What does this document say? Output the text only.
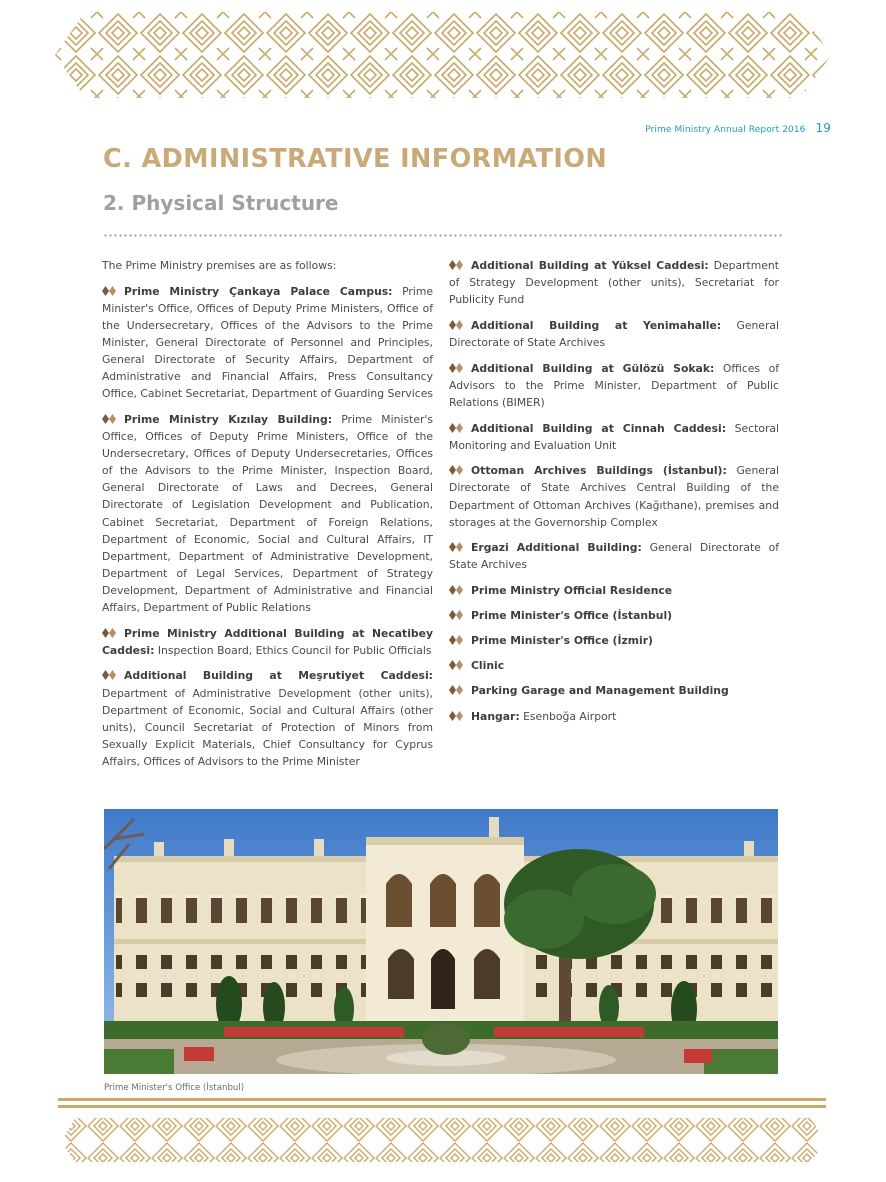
Prime Ministry Annual Report 2016 19
C. ADMINISTRATIVE INFORMATION
2. Physical Structure

The Prime Ministry premises are as follows:

Prime Ministry Çankaya Palace Campus: Prime Minister's Office, Offices of Deputy Prime Ministers, Office of the Undersecretary, Offices of the Advisors to the Prime Minister, General Directorate of Personnel and Principles, General Directorate of Security Affairs, Department of Administrative and Financial Affairs, Press Consultancy Office, Cabinet Secretariat, Department of Guarding Services

Prime Ministry Kızılay Building: Prime Minister's Office, Offices of Deputy Prime Ministers, Office of the Undersecretary, Offices of Deputy Undersecretaries, Offices of the Advisors to the Prime Minister, Inspection Board, General Directorate of Laws and Decrees, General Directorate of Legislation Development and Publication, Cabinet Secretariat, Department of Foreign Relations, Department of Economic, Social and Cultural Affairs, IT Department, Department of Administrative Development, Department of Legal Services, Department of Strategy Development, Department of Administrative and Financial Affairs, Department of Public Relations

Prime Ministry Additional Building at Necatibey Caddesi: Inspection Board, Ethics Council for Public Officials

Additional Building at Meşrutiyet Caddesi: Department of Administrative Development (other units), Department of Economic, Social and Cultural Affairs (other units), Council Secretariat of Protection of Minors from Sexually Explicit Materials, Chief Consultancy for Cyprus Affairs, Offices of Advisors to the Prime Minister

Additional Building at Yüksel Caddesi: Department of Strategy Development (other units), Secretariat for Publicity Fund

Additional Building at Yenimahalle: General Directorate of State Archives

Additional Building at Gülözü Sokak: Offices of Advisors to the Prime Minister, Department of Public Relations (BIMER)

Additional Building at Cinnah Caddesi: Sectoral Monitoring and Evaluation Unit

Ottoman Archives Buildings (İstanbul): General Directorate of State Archives Central Building of the Department of Ottoman Archives (Kağıthane), premises and storages at the Governorship Complex

Ergazi Additional Building: General Directorate of State Archives

Prime Ministry Official Residence

Prime Minister's Office (İstanbul)

Prime Minister's Office (İzmir)

Clinic

Parking Garage and Management Building

Hangar: Esenboğa Airport

Prime Minister's Office (İstanbul)
